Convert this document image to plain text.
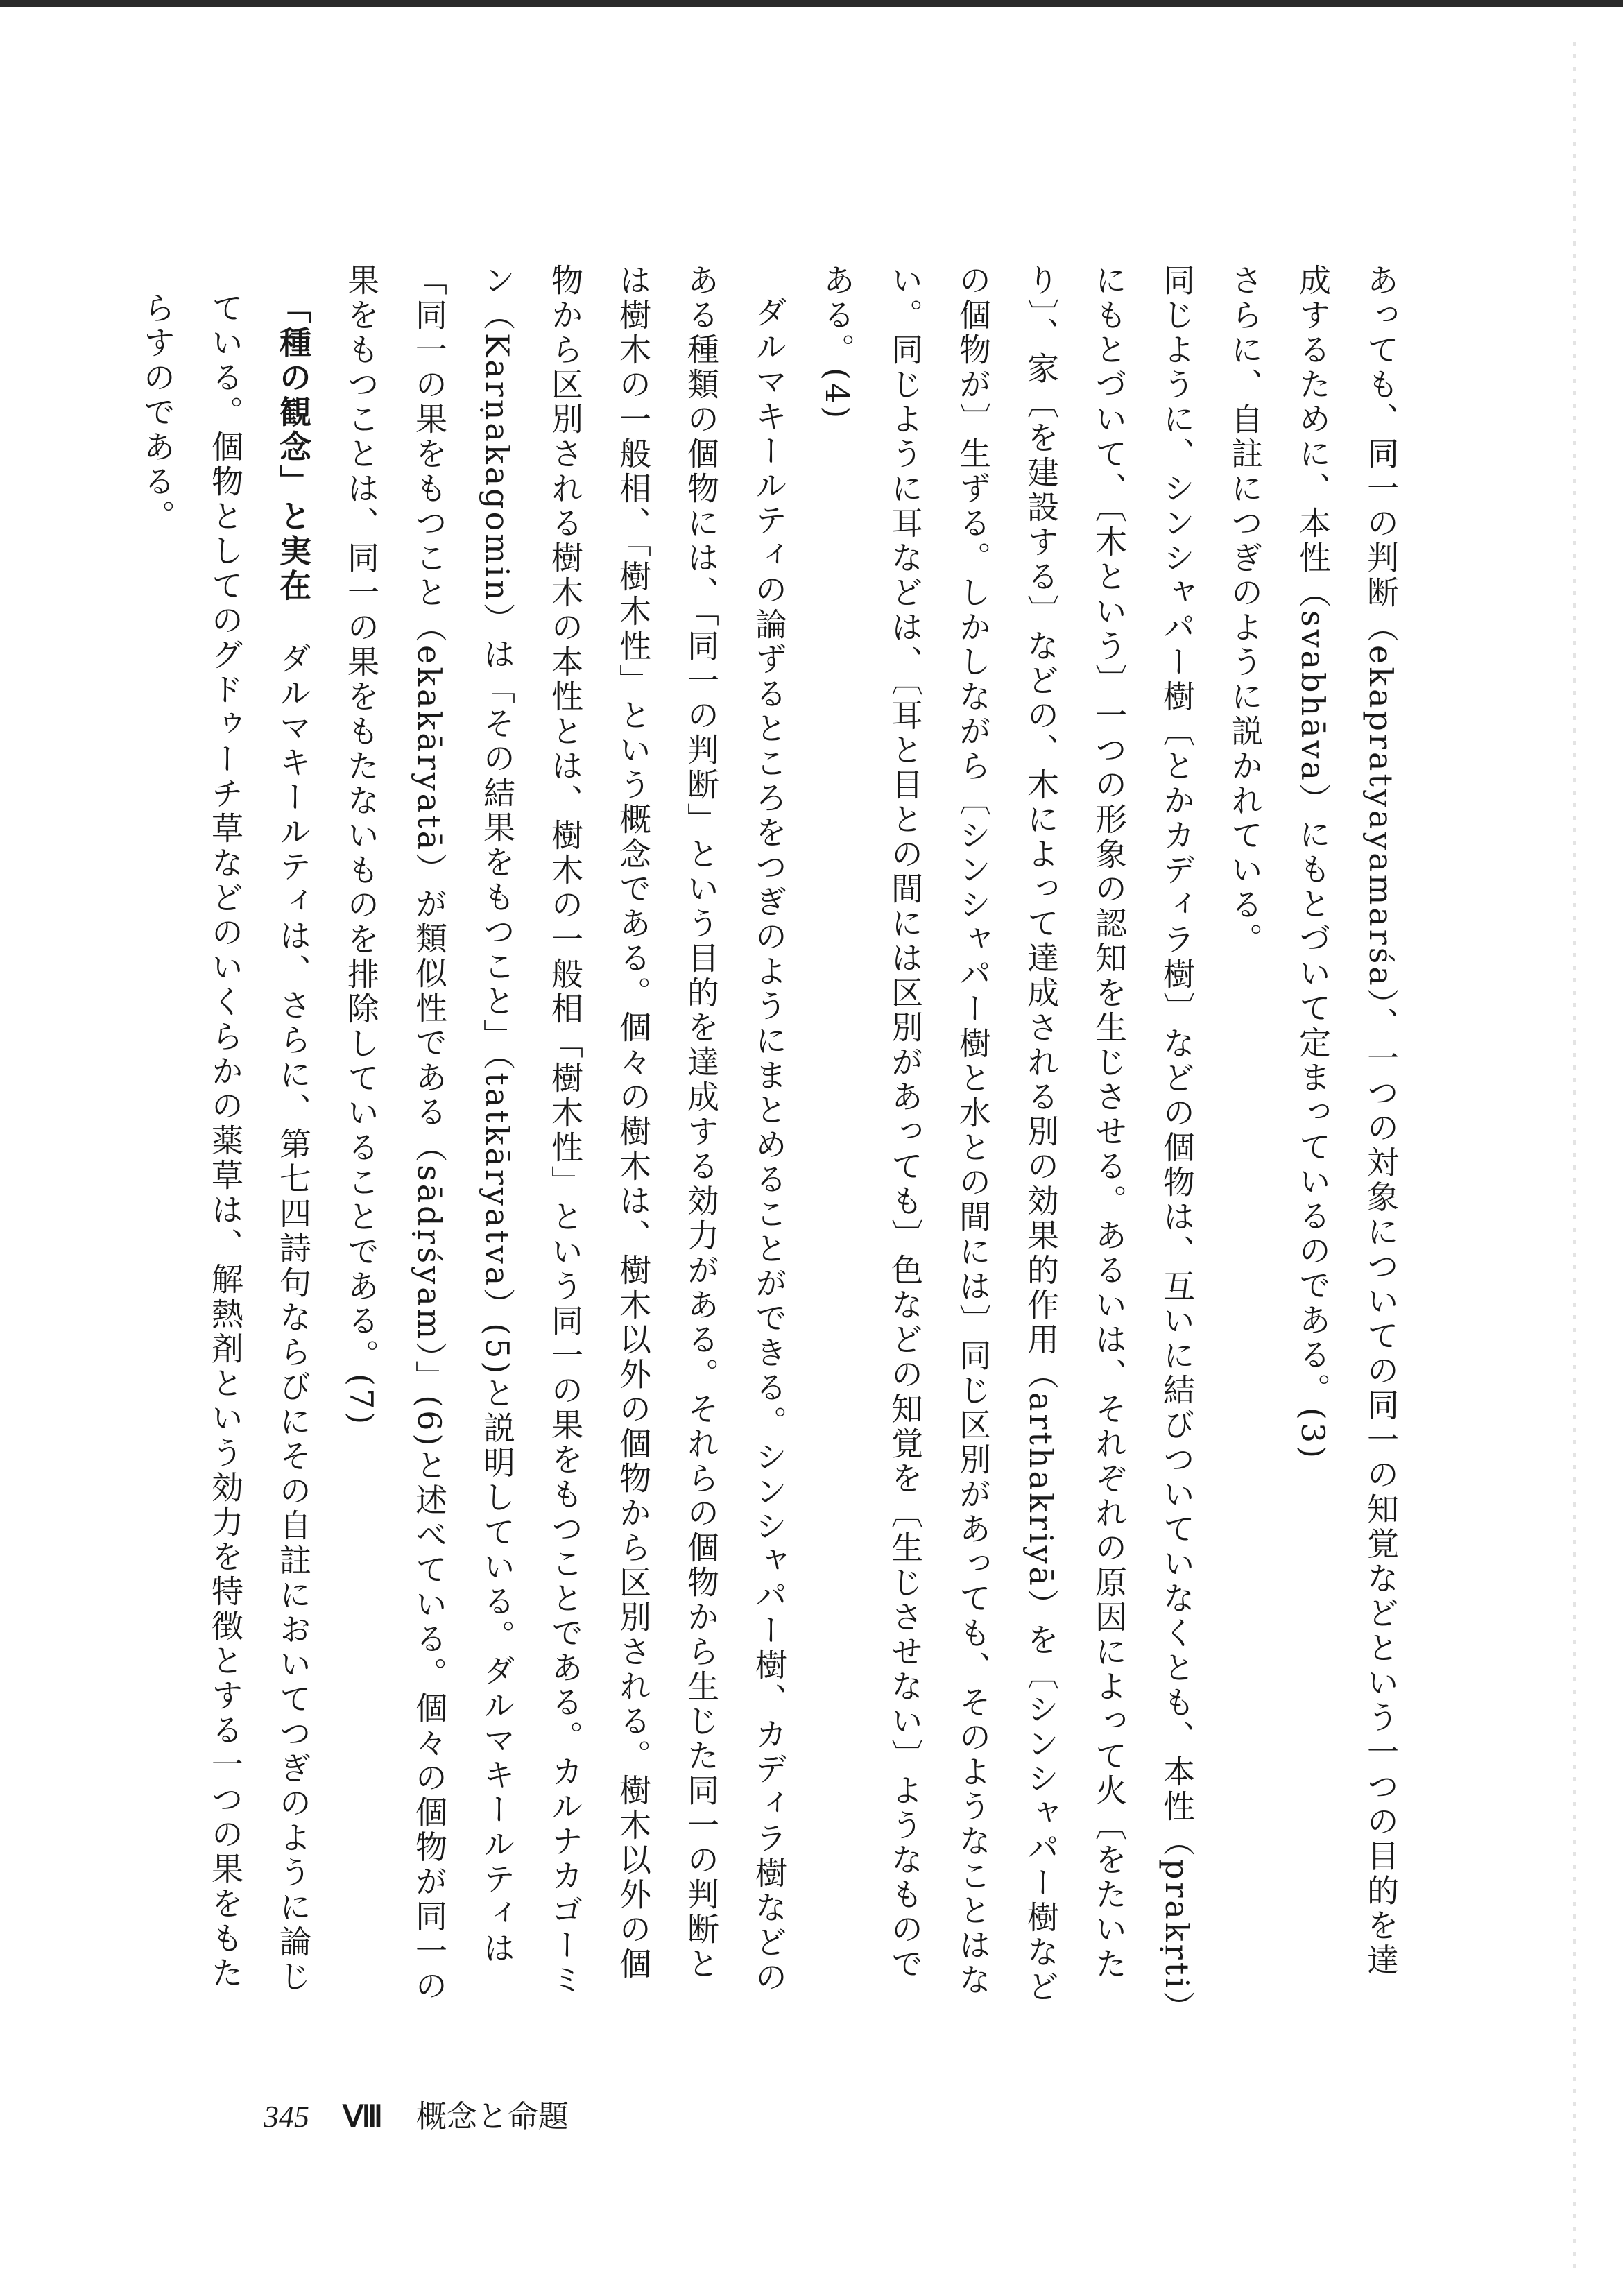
あっても、同一の判断（ekapratyayamarśa）、一つの対象についての同一の知覚などという一つの目的を達成するために、本性（svabhāva）にもとづいて定まっているのである。(3)

さらに、自註につぎのように説かれている。

同じように、シンシャパー樹〔とかカディラ樹〕などの個物は、互いに結びついていなくとも、本性（prakṛti）にもとづいて、〔木という〕一つの形象の認知を生じさせる。あるいは、それぞれの原因によって火〔をたいたり〕、家〔を建設する〕などの、木によって達成される別の効果的作用（arthakriyā）を〔シンシャパー樹などの個物が〕生ずる。しかしながら〔シンシャパー樹と水との間には〕同じ区別があっても、そのようなことはない。同じように耳などは、〔耳と目との間には区別があっても〕色などの知覚を〔生じさせない〕ようなものである。(4)

ダルマキールティの論ずるところをつぎのようにまとめることができる。シンシャパー樹、カディラ樹などのある種類の個物には、「同一の判断」という目的を達成する効力がある。それらの個物から生じた同一の判断とは樹木の一般相、「樹木性」という概念である。個々の樹木は、樹木以外の個物から区別される。樹木以外の個物から区別される樹木の本性とは、樹木の一般相「樹木性」という同一の果をもつことである。カルナカゴーミン（Karṇakagomin）は「その結果をもつこと」（tatkāryatva）(5)と説明している。ダルマキールティは「同一の果をもつこと（ekakāryatā）が類似性である（sādṛśyam）」(6)と述べている。個々の個物が同一の果をもつことは、同一の果をもたないものを排除していることである。(7)

「種の観念」と実在ダルマキールティは、さらに、第七四詩句ならびにその自註においてつぎのように論じている。個物としてのグドゥーチ草などのいくらかの薬草は、解熱剤という効力を特徴とする一つの果をもたらすのである。

345 Ⅷ 概念と命題
